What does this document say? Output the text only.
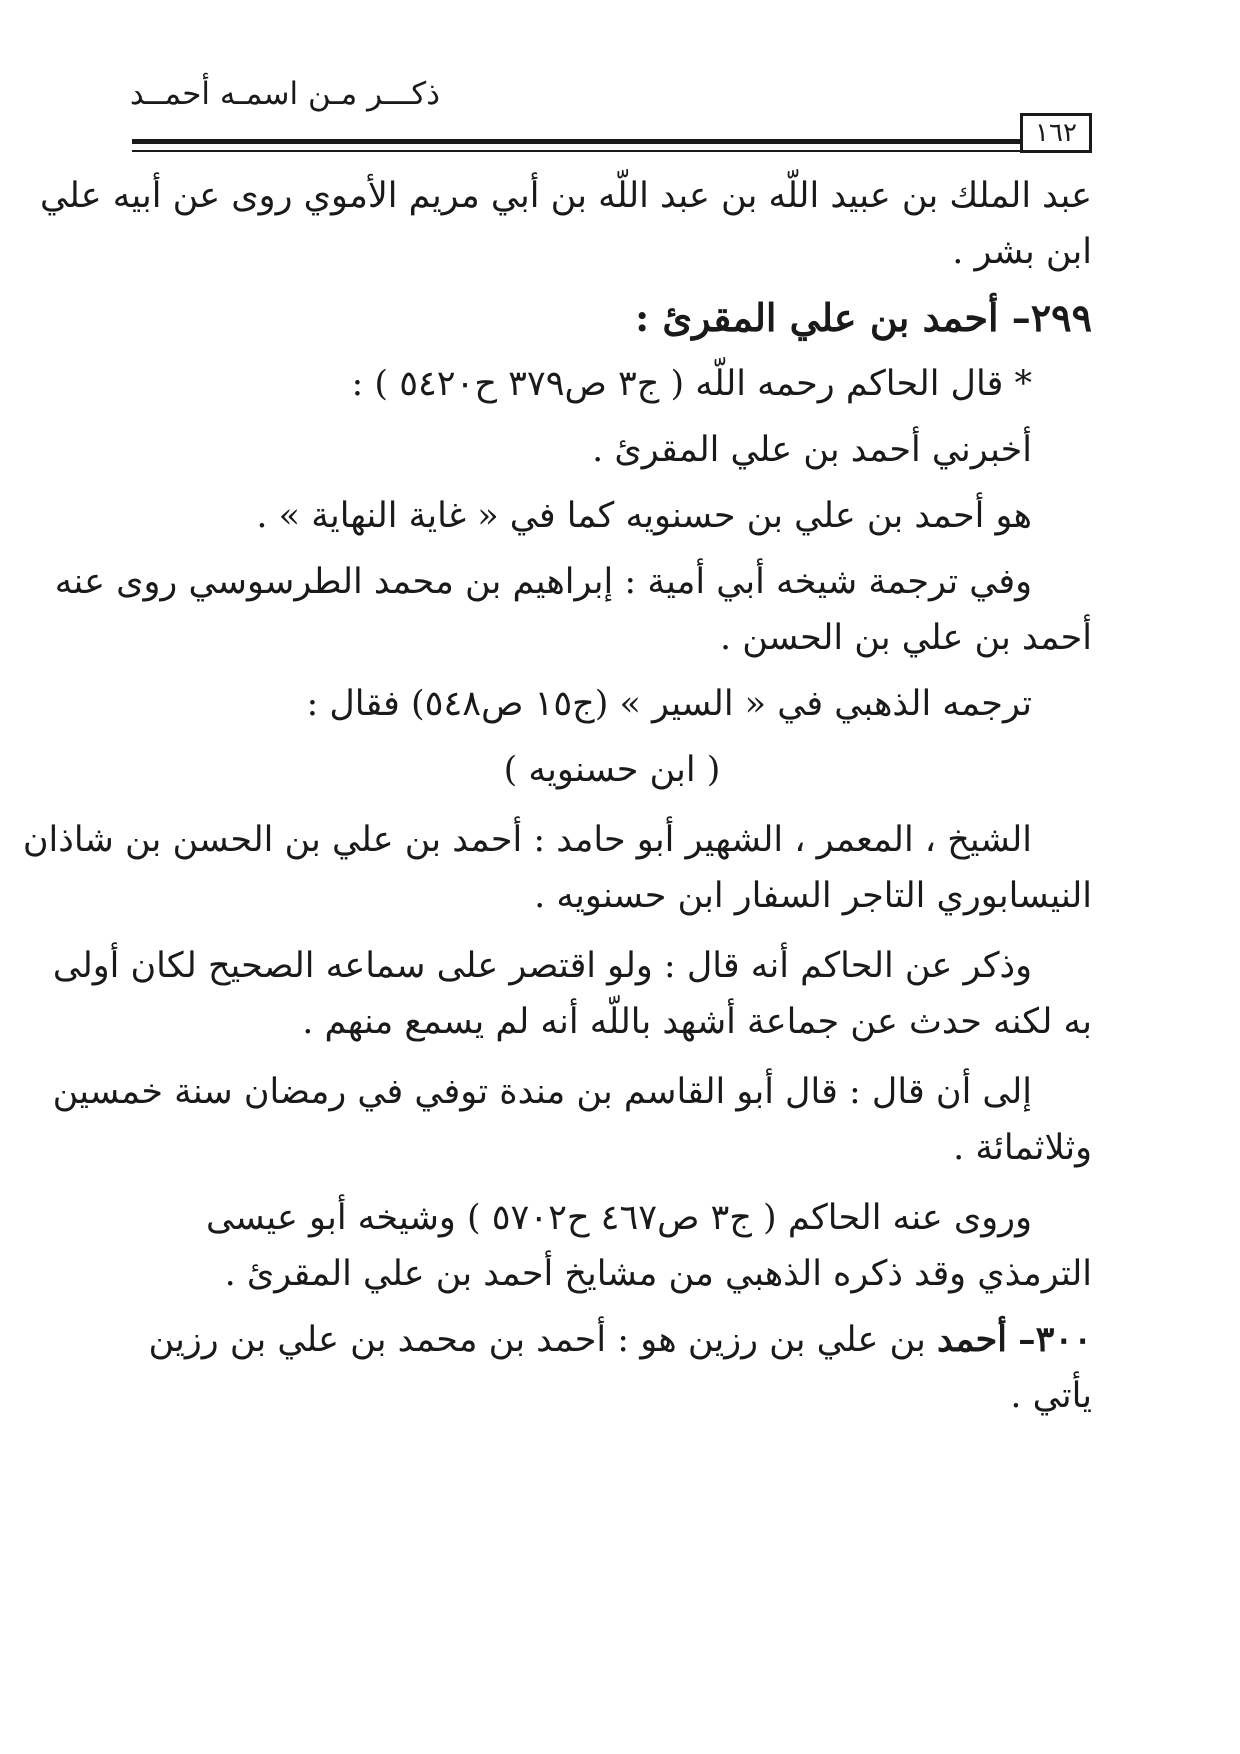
ذكـــر مـن اسمـه أحمــد
١٦٢
عبد الملك بن عبيد اللّه بن عبد اللّه بن أبي مريم الأموي روى عن أبيه علي
ابن بشر .
٢٩٩– أحمد بن علي المقرئ :
* قال الحاكم رحمه اللّه ( ج٣ ص٣٧٩ ح٥٤٢٠ ) :
أخبرني أحمد بن علي المقرئ .
هو أحمد بن علي بن حسنويه كما في « غاية النهاية » .
وفي ترجمة شيخه أبي أمية : إبراهيم بن محمد الطرسوسي روى عنه
أحمد بن علي بن الحسن .
ترجمه الذهبي في « السير » (ج١٥ ص٥٤٨) فقال :
( ابن حسنويه )
الشيخ ، المعمر ، الشهير أبو حامد : أحمد بن علي بن الحسن بن شاذان
النيسابوري التاجر السفار ابن حسنويه .
وذكر عن الحاكم أنه قال : ولو اقتصر على سماعه الصحيح لكان أولى
به لكنه حدث عن جماعة أشهد باللّه أنه لم يسمع منهم .
إلى أن قال : قال أبو القاسم بن مندة توفي في رمضان سنة خمسين
وثلاثمائة .
وروى عنه الحاكم ( ج٣ ص٤٦٧ ح٥٧٠٢ ) وشيخه أبو عيسى
الترمذي وقد ذكره الذهبي من مشايخ أحمد بن علي المقرئ .
٣٠٠– أحمد بن علي بن رزين هو : أحمد بن محمد بن علي بن رزين
يأتي .
